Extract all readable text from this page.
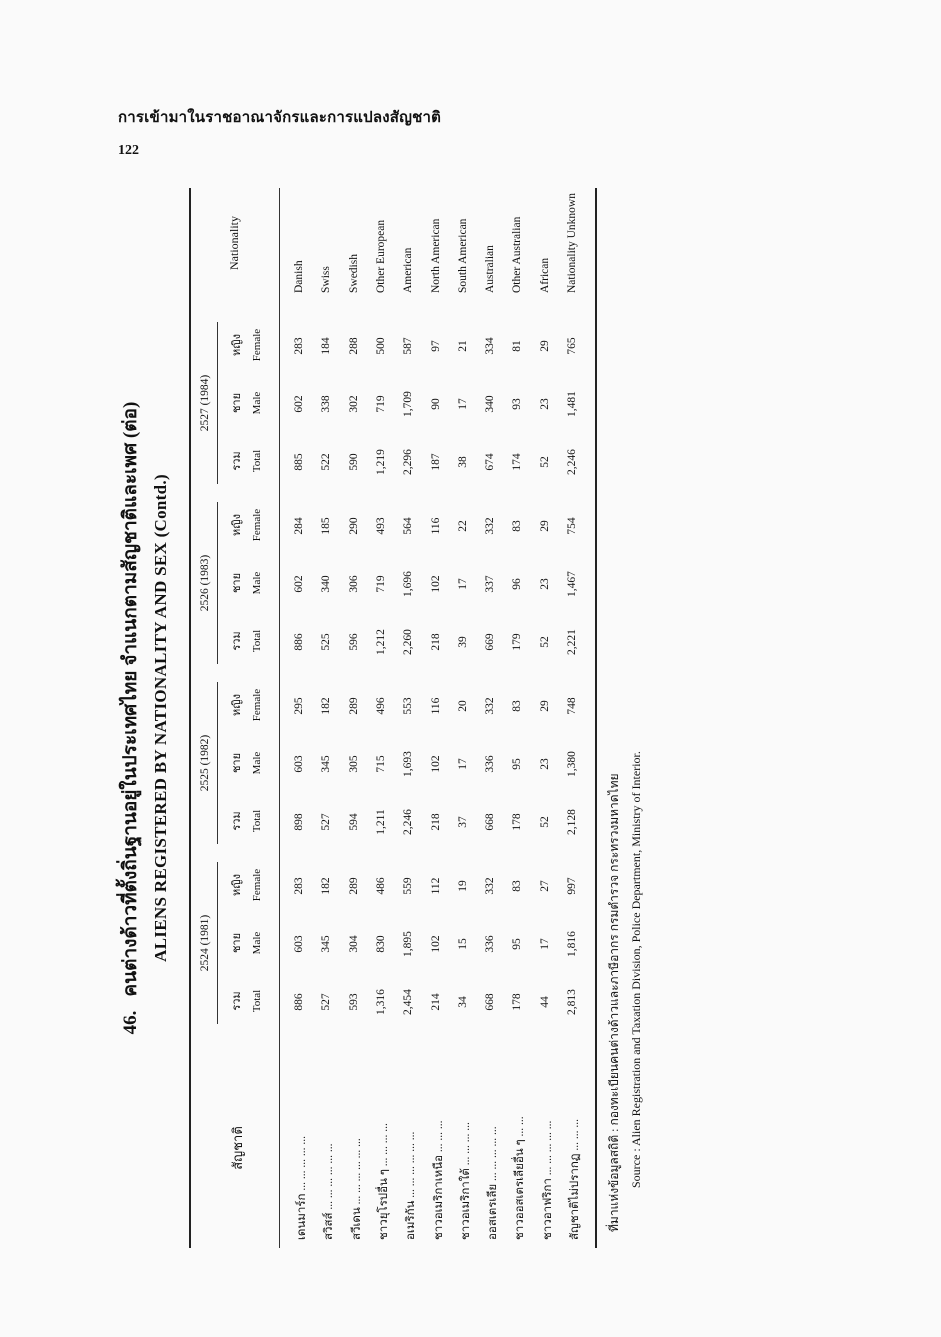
การเข้ามาในราชอาณาจักรและการแปลงสัญชาติ
122
46.คนต่างด้าวที่ตั้งถิ่นฐานอยู่ในประเทศไทย จำแนกตามสัญชาติและเพศ (ต่อ) ALIENS REGISTERED BY NATIONALITY AND SEX (Contd.)
สัญชาติ
2524 (1981)
รวม Total
ชาย Male
หญิง Female
2525 (1982)
รวม Total
ชาย Male
หญิง Female
2526 (1983)
รวม Total
ชาย Male
หญิง Female
2527 (1984)
รวม Total
ชาย Male
หญิง Female
Nationality
เดนมาร์ก ... ... ... ... ...
886
603
283
898
603
295
886
602
284
885
602
283
Danish
สวิสส์ ... ... ... ... ... ...
527
345
182
527
345
182
525
340
185
522
338
184
Swiss
สวีเดน ... ... ... ... ... ...
593
304
289
594
305
289
596
306
290
590
302
288
Swedish
ชาวยุโรปอื่น ๆ ... ... ... ...
1,316
830
486
1,211
715
496
1,212
719
493
1,219
719
500
Other European
อเมริกัน ... ... ... ... ... ...
2,454
1,895
559
2,246
1,693
553
2,260
1,696
564
2,296
1,709
587
American
ชาวอเมริกาเหนือ ... ... ...
214
102
112
218
102
116
218
102
116
187
90
97
North American
ชาวอเมริกาใต้ ... ... ... ...
34
15
19
37
17
20
39
17
22
38
17
21
South American
ออสเตรเลีย ... ... ... ... ...
668
336
332
668
336
332
669
337
332
674
340
334
Australian
ชาวออสเตรเลียอื่น ๆ ... ...
178
95
83
178
95
83
179
96
83
174
93
81
Other Australian
ชาวอาฟริกา ... ... ... ... ...
44
17
27
52
23
29
52
23
29
52
23
29
African
สัญชาติไม่ปรากฏ ... ... ...
2,813
1,816
997
2,128
1,380
748
2,221
1,467
754
2,246
1,481
765
Nationality Unknown
ที่มาแห่งข้อมูลสถิติ : กองทะเบียนคนต่างด้าวและภาษีอากร กรมตำรวจ กระทรวงมหาดไทย Source : Alien Registration and Taxation Division, Police Department, Ministry of Interior.
